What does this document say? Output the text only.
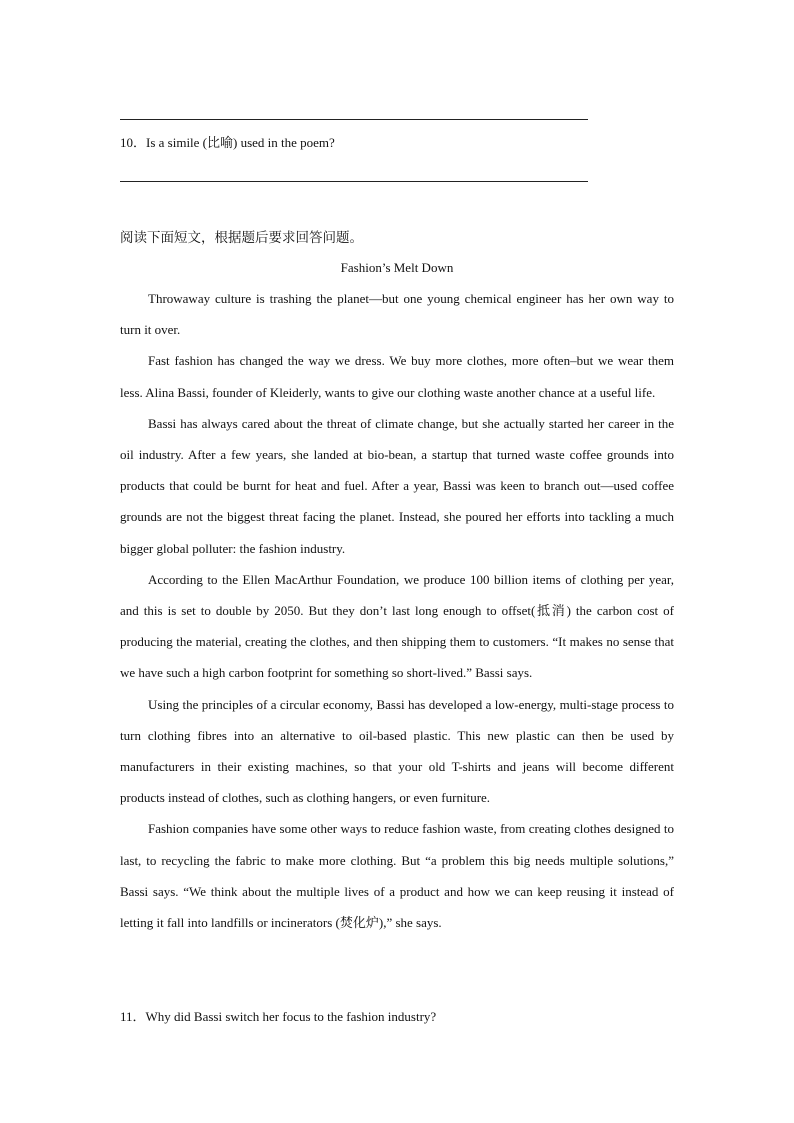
10．Is a simile (比喻) used in the poem?
阅读下面短文，根据题后要求回答问题。
Fashion’s Melt Down

Throwaway culture is trashing the planet—but one young chemical engineer has her own way to turn it over.

Fast fashion has changed the way we dress. We buy more clothes, more often–but we wear them less. Alina Bassi, founder of Kleiderly, wants to give our clothing waste another chance at a useful life.

Bassi has always cared about the threat of climate change, but she actually started her career in the oil industry. After a few years, she landed at bio-bean, a startup that turned waste coffee grounds into products that could be burnt for heat and fuel. After a year, Bassi was keen to branch out—used coffee grounds are not the biggest threat facing the planet. Instead, she poured her efforts into tackling a much bigger global polluter: the fashion industry.

According to the Ellen MacArthur Foundation, we produce 100 billion items of clothing per year, and this is set to double by 2050. But they don’t last long enough to offset(抵消) the carbon cost of producing the material, creating the clothes, and then shipping them to customers. “It makes no sense that we have such a high carbon footprint for something so short-lived.” Bassi says.

Using the principles of a circular economy, Bassi has developed a low-energy, multi-stage process to turn clothing fibres into an alternative to oil-based plastic. This new plastic can then be used by manufacturers in their existing machines, so that your old T-shirts and jeans will become different products instead of clothes, such as clothing hangers, or even furniture.

Fashion companies have some other ways to reduce fashion waste, from creating clothes designed to last, to recycling the fabric to make more clothing. But “a problem this big needs multiple solutions,” Bassi says. “We think about the multiple lives of a product and how we can keep reusing it instead of letting it fall into landfills or incinerators (焚化炉),” she says.

11．Why did Bassi switch her focus to the fashion industry?
